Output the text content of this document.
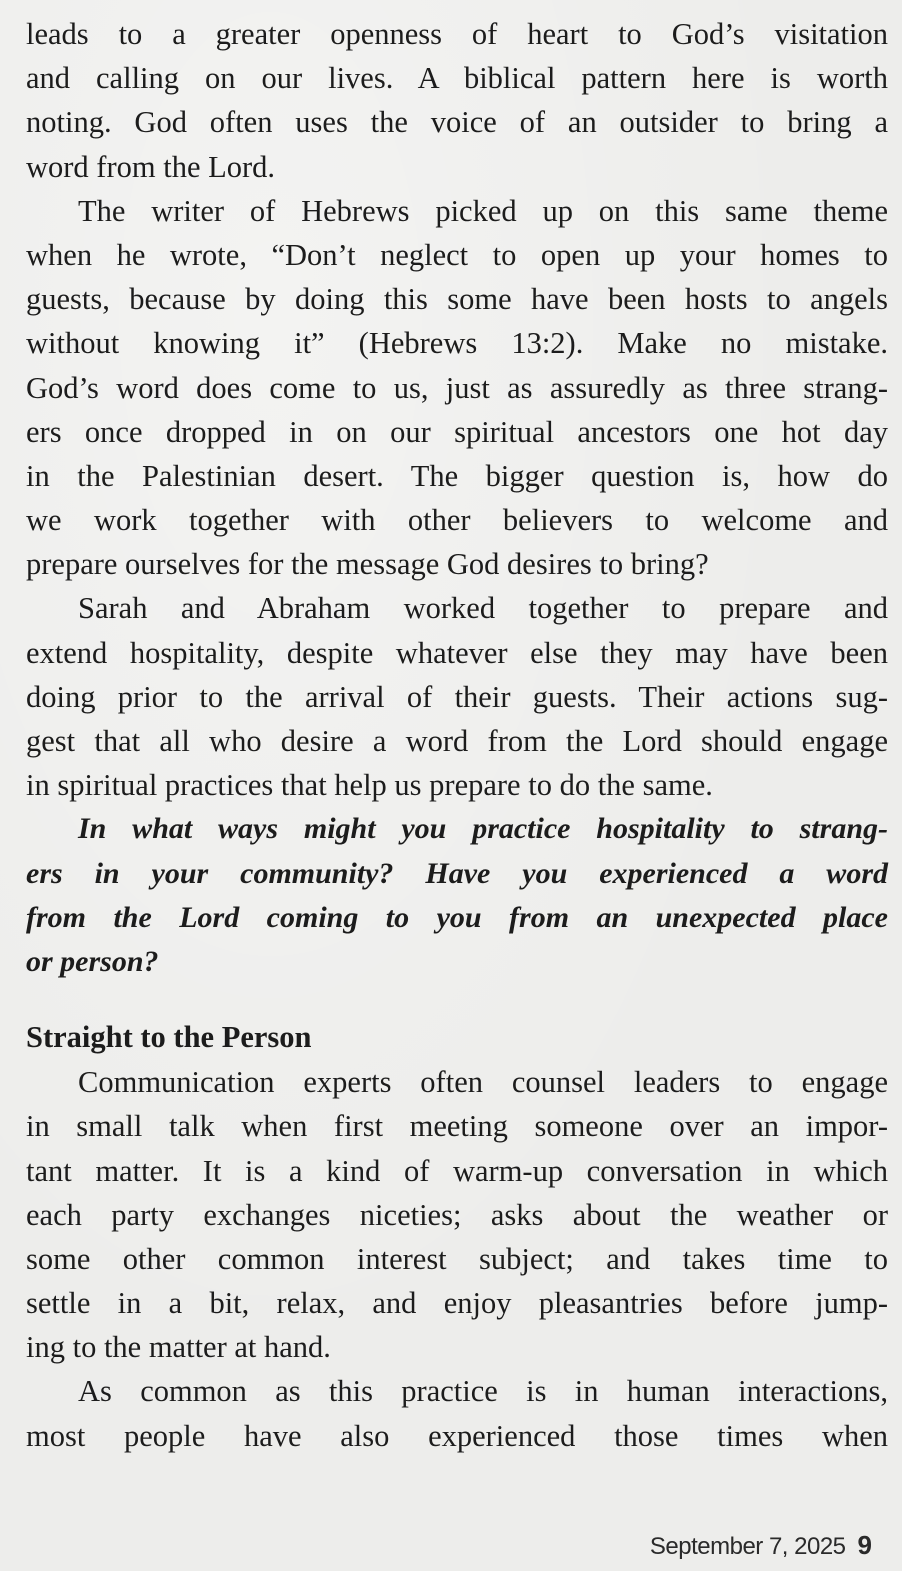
leads to a greater openness of heart to God’s visitation
and calling on our lives. A biblical pattern here is worth
noting. God often uses the voice of an outsider to bring a
word from the Lord.
The writer of Hebrews picked up on this same theme
when he wrote, “Don’t neglect to open up your homes to
guests, because by doing this some have been hosts to angels
without knowing it” (Hebrews 13:2). Make no mistake.
God’s word does come to us, just as assuredly as three strang-
ers once dropped in on our spiritual ancestors one hot day
in the Palestinian desert. The bigger question is, how do
we work together with other believers to welcome and
prepare ourselves for the message God desires to bring?
Sarah and Abraham worked together to prepare and
extend hospitality, despite whatever else they may have been
doing prior to the arrival of their guests. Their actions sug-
gest that all who desire a word from the Lord should engage
in spiritual practices that help us prepare to do the same.
In what ways might you practice hospitality to strang-
ers in your community? Have you experienced a word
from the Lord coming to you from an unexpected place
or person?
Straight to the Person
Communication experts often counsel leaders to engage
in small talk when first meeting someone over an impor-
tant matter. It is a kind of warm-up conversation in which
each party exchanges niceties; asks about the weather or
some other common interest subject; and takes time to
settle in a bit, relax, and enjoy pleasantries before jump-
ing to the matter at hand.
As common as this practice is in human interactions,
most people have also experienced those times when
September 7, 2025 9
